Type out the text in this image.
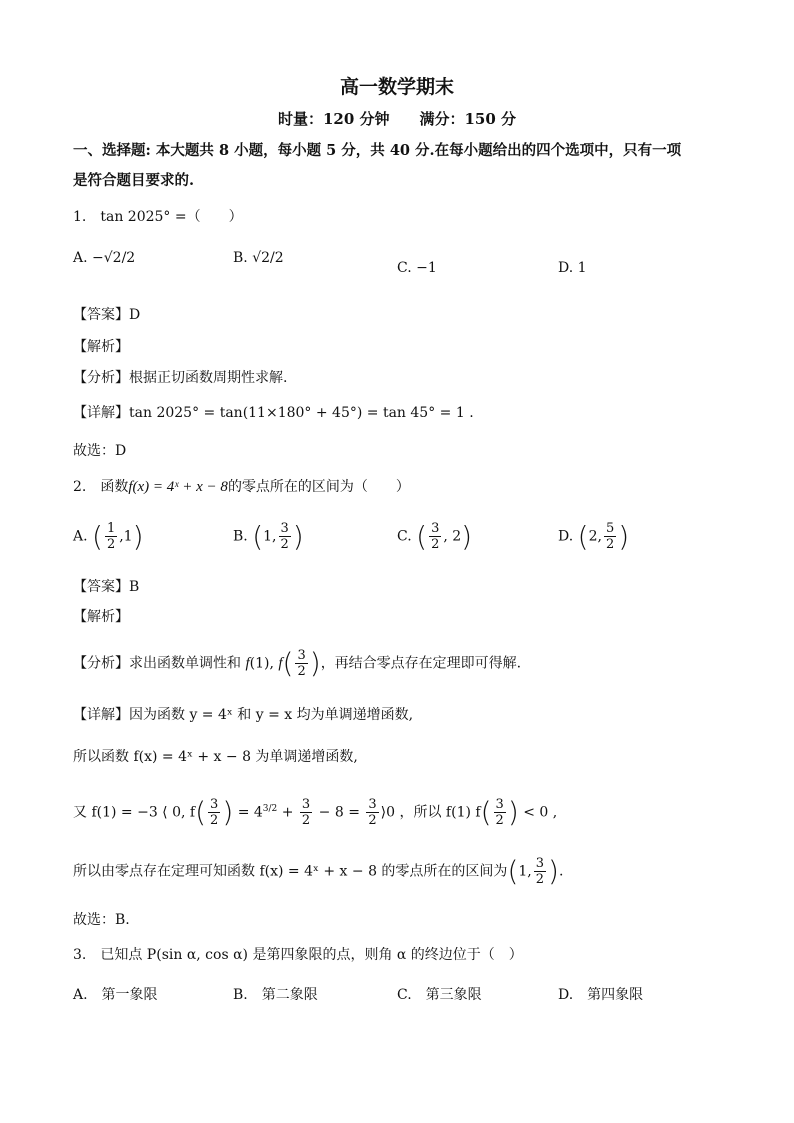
高一数学期末
时量：120 分钟　　满分：150 分
一、选择题: 本大题共 8 小题，每小题 5 分，共 40 分.在每小题给出的四个选项中，只有一项
是符合题目要求的.
1.　tan 2025° =（　　）
A. −√2/2	B. √2/2
C. −1	D. 1
【答案】D
【解析】
【分析】根据正切函数周期性求解.
【详解】tan 2025° = tan(11×180° + 45°) = tan 45° = 1 .
故选：D
2.　函数f(x) = 4ˣ + x − 8的零点所在的区间为（　　）
A. ( $\frac{1}{2} ,1$)	B. (1, $\frac{3}{2}$ )	C. ( $\frac{3}{2}$ , 2)	D. (2, $\frac{5}{2}$ )
【答案】B
【解析】
【分析】求出函数单调性和 f(1), $f( \frac{3}{2}$ )，再结合零点存在定理即可得解.
【详解】因为函数 y = 4ˣ 和 y = x 均为单调递增函数,
所以函数 f(x) = 4ˣ + x − 8 为单调递增函数,
又 f(1) = −3 ⟨ 0, $f( \frac{3}{2}$ ) = $4^{3/2} + \frac{3}{2} - 8 = \frac{3}{2}$ ⟩0 ，所以 f(1) $f( \frac{3}{2}$ ) < 0 ,
所以由零点存在定理可知函数 f(x) = 4ˣ + x − 8 的零点所在的区间为(1, $\frac{3}{2}$ ).
故选：B.
3.　已知点 P(sin α, cos α) 是第四象限的点，则角 α 的终边位于（　）
A.　第一象限	B.　第二象限	C.　第三象限	D.　第四象限
